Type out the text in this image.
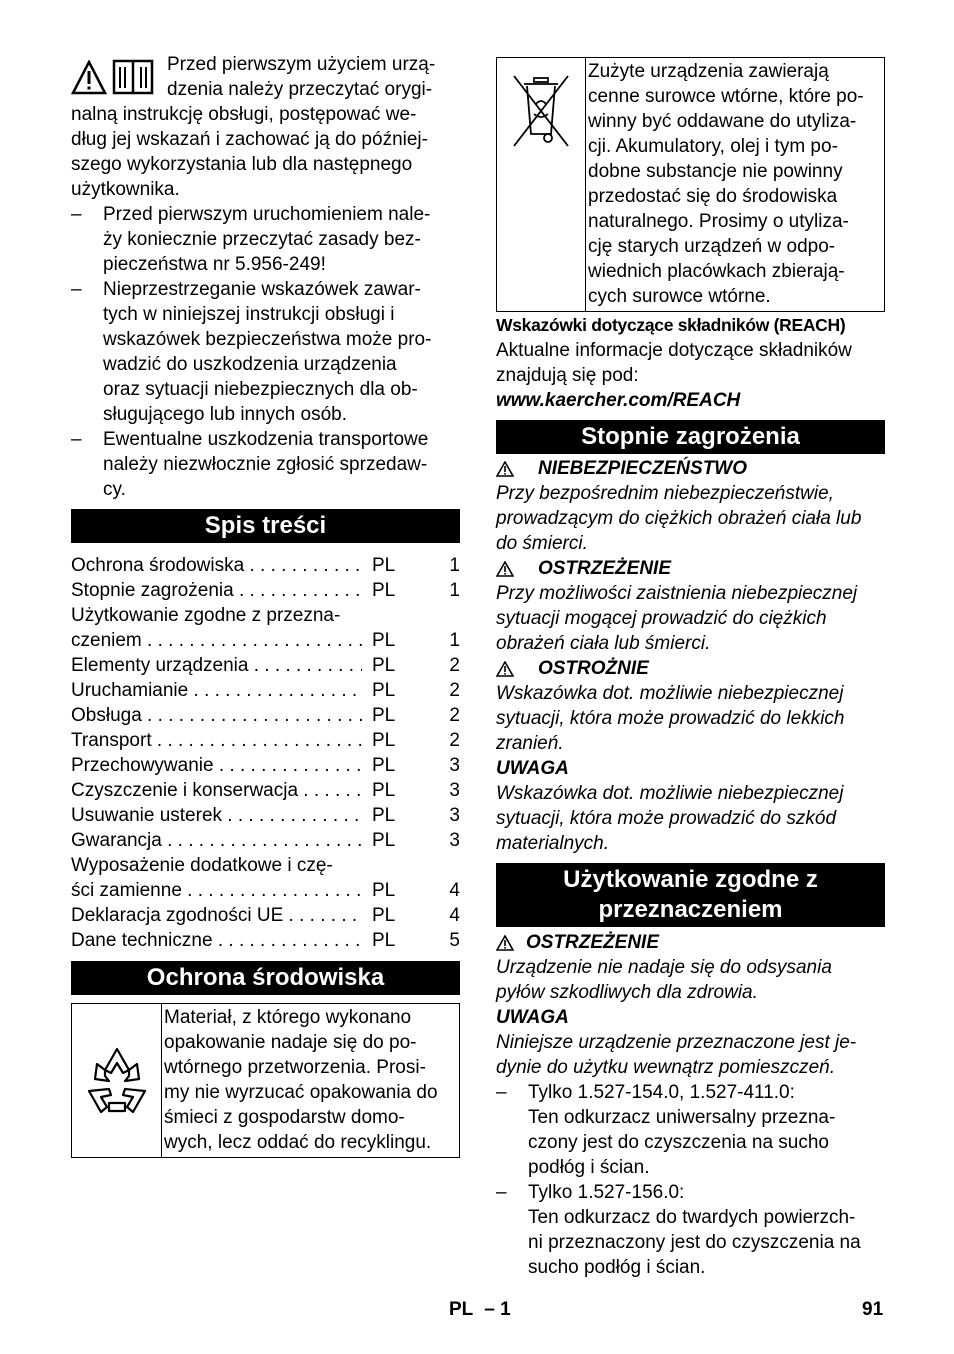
Przed pierwszym użyciem urzą-

dzenia należy przeczytać orygi-

nalną instrukcję obsługi, postępować we-
dług jej wskazań i zachować ją do później-
szego wykorzystania lub dla następnego
użytkownika.

–	Przed pierwszym uruchomieniem nale-
ży koniecznie przeczytać zasady bez-
pieczeństwa nr 5.956-249!
–	Nieprzestrzeganie wskazówek zawar-
tych w niniejszej instrukcji obsługi i
wskazówek bezpieczeństwa może pro-
wadzić do uszkodzenia urządzenia
oraz sytuacji niebezpiecznych dla ob-
sługującego lub innych osób.
–	Ewentualne uszkodzenia transportowe
należy niezwłocznie zgłosić sprzedaw-
cy.
Spis treści
Ochrona środowiska . . .	PL	1
Stopnie zagrożenia . . .	PL	1
Użytkowanie zgodne z przezna-
czeniem . . .	PL	1
Elementy urządzenia . . .	PL	2
Uruchamianie . . .	PL	2
Obsługa . . .	PL	2
Transport . . .	PL	2
Przechowywanie . . .	PL	3
Czyszczenie i konserwacja . . .	PL	3
Usuwanie usterek . . .	PL	3
Gwarancja . . .	PL	3
Wyposażenie dodatkowe i czę-
ści zamienne . . .	PL	4
Deklaracja zgodności UE . . .	PL	4
Dane techniczne . . .	PL	5
Ochrona środowiska
Materiał, z którego wykonano
opakowanie nadaje się do po-
wtórnego przetworzenia. Prosi-
my nie wyrzucać opakowania do
śmieci z gospodarstw domo-
wych, lecz oddać do recyklingu.
Zużyte urządzenia zawierają
cenne surowce wtórne, które po-
winny być oddawane do utyliza-
cji. Akumulatory, olej i tym po-
dobne substancje nie powinny
przedostać się do środowiska
naturalnego. Prosimy o utyliza-
cję starych urządzeń w odpo-
wiednich placówkach zbierają-
cych surowce wtórne.

Wskazówki dotyczące składników (REACH)

Aktualne informacje dotyczące składników
znajdują się pod:

www.kaercher.com/REACH

Stopnie zagrożenia
NIEBEZPIECZEŃSTWO

Przy bezpośrednim niebezpieczeństwie,
prowadzącym do ciężkich obrażeń ciała lub
do śmierci.

OSTRZEŻENIE

Przy możliwości zaistnienia niebezpiecznej
sytuacji mogącej prowadzić do ciężkich
obrażeń ciała lub śmierci.

OSTROŻNIE

Wskazówka dot. możliwie niebezpiecznej
sytuacji, która może prowadzić do lekkich
zranień.

UWAGA

Wskazówka dot. możliwie niebezpiecznej
sytuacji, która może prowadzić do szkód
materialnych.

Użytkowanie zgodne z
przeznaczeniem
OSTRZEŻENIE

Urządzenie nie nadaje się do odsysania
pyłów szkodliwych dla zdrowia.

UWAGA

Niniejsze urządzenie przeznaczone jest je-
dynie do użytku wewnątrz pomieszczeń.

–	Tylko 1.527-154.0, 1.527-411.0:
Ten odkurzacz uniwersalny przezna-
czony jest do czyszczenia na sucho
podłóg i ścian.
–	Tylko 1.527-156.0:
Ten odkurzacz do twardych powierzch-
ni przeznaczony jest do czyszczenia na
sucho podłóg i ścian.
PL – 1	91
